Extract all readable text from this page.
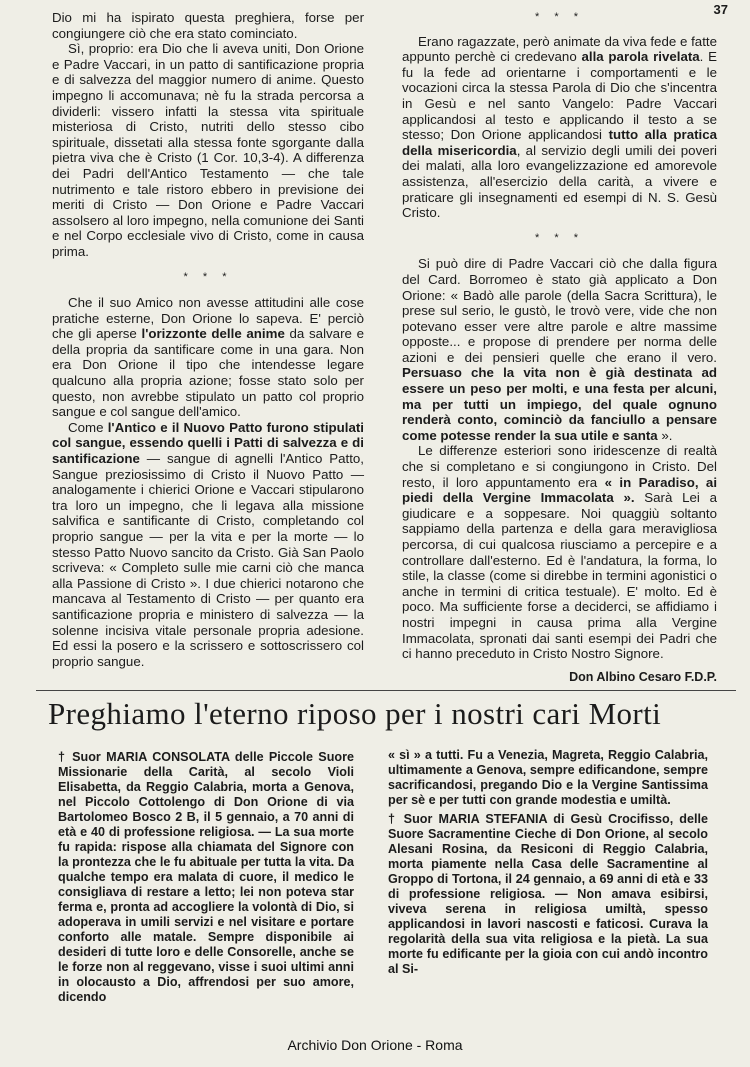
37

Dio mi ha ispirato questa preghiera, forse per congiungere ciò che era stato cominciato.

Sì, proprio: era Dio che li aveva uniti, Don Orione e Padre Vaccari, in un patto di santificazione propria e di salvezza del maggior numero di anime. Questo impegno li accomunava; nè fu la strada percorsa a dividerli: vissero infatti la stessa vita spirituale misteriosa di Cristo, nutriti dello stesso cibo spirituale, dissetati alla stessa fonte sgorgante dalla pietra viva che è Cristo (1 Cor. 10,3-4). A differenza dei Padri dell'Antico Testamento — che tale nutrimento e tale ristoro ebbero in previsione dei meriti di Cristo — Don Orione e Padre Vaccari assolsero al loro impegno, nella comunione dei Santi e nel Corpo ecclesiale vivo di Cristo, come in causa prima.

* * *

Che il suo Amico non avesse attitudini alle cose pratiche esterne, Don Orione lo sapeva. E' perciò che gli aperse l'orizzonte delle anime da salvare e della propria da santificare come in una gara. Non era Don Orione il tipo che intendesse legare qualcuno alla propria azione; fosse stato solo per questo, non avrebbe stipulato un patto col proprio sangue e col sangue dell'amico.

Come l'Antico e il Nuovo Patto furono stipulati col sangue, essendo quelli i Patti di salvezza e di santificazione — sangue di agnelli l'Antico Patto, Sangue preziosissimo di Cristo il Nuovo Patto — analogamente i chierici Orione e Vaccari stipularono tra loro un impegno, che li legava alla missione salvifica e santificante di Cristo, completando col proprio sangue — per la vita e per la morte — lo stesso Patto Nuovo sancito da Cristo. Già San Paolo scriveva: « Completo sulle mie carni ciò che manca alla Passione di Cristo ». I due chierici notarono che mancava al Testamento di Cristo — per quanto era santificazione propria e ministero di salvezza — la solenne incisiva vitale personale propria adesione. Ed essi la posero e la scrissero e sottoscrissero col proprio sangue.

* * *

Erano ragazzate, però animate da viva fede e fatte appunto perchè ci credevano alla parola rivelata. E fu la fede ad orientarne i comportamenti e le vocazioni circa la stessa Parola di Dio che s'incentra in Gesù e nel santo Vangelo: Padre Vaccari applicandosi al testo e applicando il testo a se stesso; Don Orione applicandosi tutto alla pratica della misericordia, al servizio degli umili dei poveri dei malati, alla loro evangelizzazione ed amorevole assistenza, all'esercizio della carità, a vivere e praticare gli insegnamenti ed esempi di N. S. Gesù Cristo.

* * *

Si può dire di Padre Vaccari ciò che dalla figura del Card. Borromeo è stato già applicato a Don Orione: « Badò alle parole (della Sacra Scrittura), le prese sul serio, le gustò, le trovò vere, vide che non potevano esser vere altre parole e altre massime opposte... e propose di prendere per norma delle azioni e dei pensieri quelle che erano il vero. Persuaso che la vita non è già destinata ad essere un peso per molti, e una festa per alcuni, ma per tutti un impiego, del quale ognuno renderà conto, cominciò da fanciullo a pensare come potesse render la sua utile e santa ».

Le differenze esteriori sono iridescenze di realtà che si completano e si congiungono in Cristo. Del resto, il loro appuntamento era « in Paradiso, ai piedi della Vergine Immacolata ». Sarà Lei a giudicare e a soppesare. Noi quaggiù soltanto sappiamo della partenza e della gara meravigliosa percorsa, di cui qualcosa riusciamo a percepire e a controllare dall'esterno. Ed è l'andatura, la forma, lo stile, la classe (come si direbbe in termini agonistici o anche in termini di critica testuale). E' molto. Ed è poco. Ma sufficiente forse a deciderci, se affidiamo i nostri impegni in causa prima alla Vergine Immacolata, spronati dai santi esempi dei Padri che ci hanno preceduto in Cristo Nostro Signore.

Don Albino Cesaro F.D.P.
Preghiamo l'eterno riposo per i nostri cari Morti

† Suor MARIA CONSOLATA delle Piccole Suore Missionarie della Carità, al secolo Violi Elisabetta, da Reggio Calabria, morta a Genova, nel Piccolo Cottolengo di Don Orione di via Bartolomeo Bosco 2 B, il 5 gennaio, a 70 anni di età e 40 di professione religiosa. — La sua morte fu rapida: rispose alla chiamata del Signore con la prontezza che le fu abituale per tutta la vita. Da qualche tempo era malata di cuore, il medico le consigliava di restare a letto; lei non poteva star ferma e, pronta ad accogliere la volontà di Dio, si adoperava in umili servizi e nel visitare e portare conforto alle matale. Sempre disponibile ai desideri di tutte loro e delle Consorelle, anche se le forze non al reggevano, visse i suoi ultimi anni in olocausto a Dio, affrendosi per suo amore, dicendo

« sì » a tutti. Fu a Venezia, Magreta, Reggio Calabria, ultimamente a Genova, sempre edificandone, sempre sacrificandosi, pregando Dio e la Vergine Santissima per sè e per tutti con grande modestia e umiltà.

† Suor MARIA STEFANIA di Gesù Crocifisso, delle Suore Sacramentine Cieche di Don Orione, al secolo Alesani Rosina, da Resiconi di Reggio Calabria, morta piamente nella Casa delle Sacramentine al Groppo di Tortona, il 24 gennaio, a 69 anni di età e 33 di professione religiosa. — Non amava esibirsi, viveva serena in religiosa umiltà, spesso applicandosi in lavori nascosti e faticosi. Curava la regolarità della sua vita religiosa e la pietà. La sua morte fu edificante per la gioia con cui andò incontro al Si-

Archivio Don Orione - Roma
